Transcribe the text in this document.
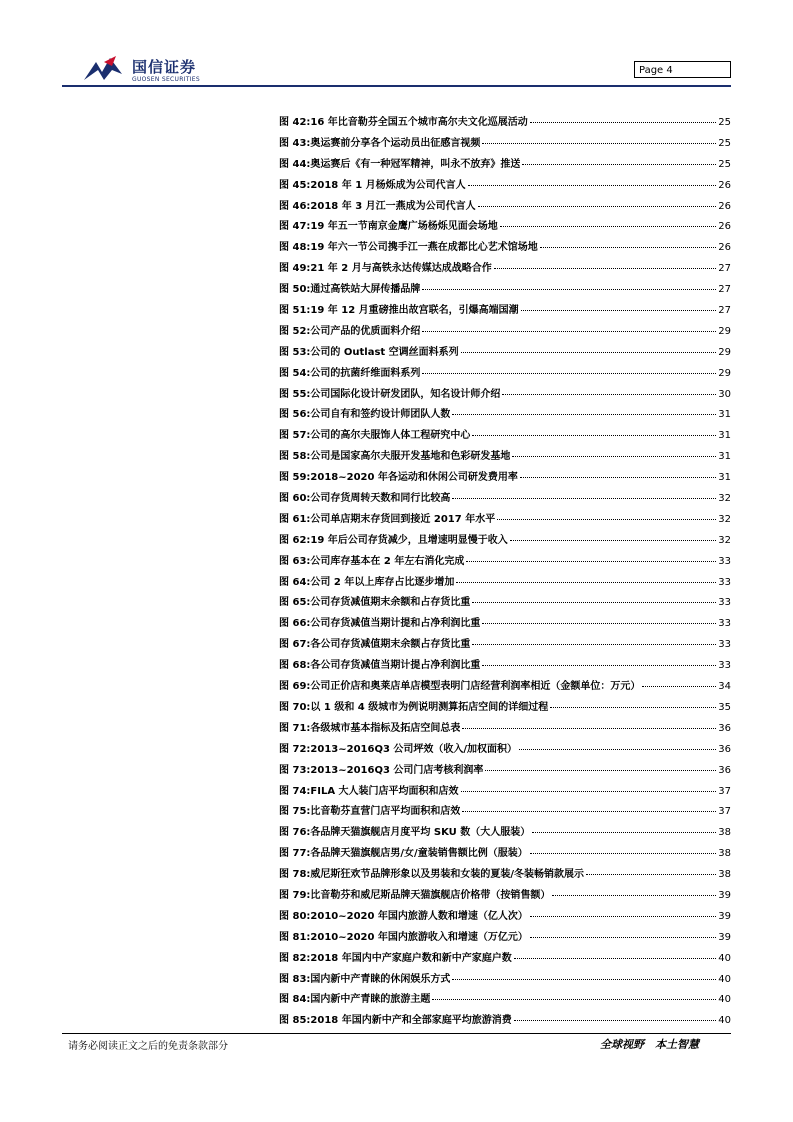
国信证券
GUOSEN SECURITIES
Page 4
图 42: 16 年比音勒芬全国五个城市高尔夫文化巡展活动	25
图 43: 奥运赛前分享各个运动员出征感言视频	25
图 44: 奥运赛后《有一种冠军精神，叫永不放弃》推送	25
图 45: 2018 年 1 月杨烁成为公司代言人	26
图 46: 2018 年 3 月江一燕成为公司代言人	26
图 47: 19 年五一节南京金鹰广场杨烁见面会场地	26
图 48: 19 年六一节公司携手江一燕在成都比心艺术馆场地	26
图 49: 21 年 2 月与高铁永达传媒达成战略合作	27
图 50: 通过高铁站大屏传播品牌	27
图 51: 19 年 12 月重磅推出故宫联名，引爆高端国潮	27
图 52: 公司产品的优质面料介绍	29
图 53: 公司的 Outlast 空调丝面料系列	29
图 54: 公司的抗菌纤维面料系列	29
图 55: 公司国际化设计研发团队，知名设计师介绍	30
图 56: 公司自有和签约设计师团队人数	31
图 57: 公司的高尔夫服饰人体工程研究中心	31
图 58: 公司是国家高尔夫服开发基地和色彩研发基地	31
图 59: 2018~2020 年各运动和休闲公司研发费用率	31
图 60: 公司存货周转天数和同行比较高	32
图 61: 公司单店期末存货回到接近 2017 年水平	32
图 62: 19 年后公司存货减少，且增速明显慢于收入	32
图 63: 公司库存基本在 2 年左右消化完成	33
图 64: 公司 2 年以上库存占比逐步增加	33
图 65: 公司存货减值期末余额和占存货比重	33
图 66: 公司存货减值当期计提和占净利润比重	33
图 67: 各公司存货减值期末余额占存货比重	33
图 68: 各公司存货减值当期计提占净利润比重	33
图 69: 公司正价店和奥莱店单店模型表明门店经营利润率相近（金额单位：万元）	34
图 70: 以 1 级和 4 级城市为例说明测算拓店空间的详细过程	35
图 71: 各级城市基本指标及拓店空间总表	36
图 72: 2013~2016Q3 公司坪效（收入/加权面积）	36
图 73: 2013~2016Q3 公司门店考核利润率	36
图 74: FILA 大人装门店平均面积和店效	37
图 75: 比音勒芬直营门店平均面积和店效	37
图 76: 各品牌天猫旗舰店月度平均 SKU 数（大人服装）	38
图 77: 各品牌天猫旗舰店男/女/童装销售额比例（服装）	38
图 78: 威尼斯狂欢节品牌形象以及男装和女装的夏装/冬装畅销款展示	38
图 79: 比音勒芬和威尼斯品牌天猫旗舰店价格带（按销售额）	39
图 80: 2010~2020 年国内旅游人数和增速（亿人次）	39
图 81: 2010~2020 年国内旅游收入和增速（万亿元）	39
图 82: 2018 年国内中产家庭户数和新中产家庭户数	40
图 83: 国内新中产青睐的休闲娱乐方式	40
图 84: 国内新中产青睐的旅游主题	40
图 85: 2018 年国内新中产和全部家庭平均旅游消费	40
请务必阅读正文之后的免责条款部分	全球视野　本土智慧
